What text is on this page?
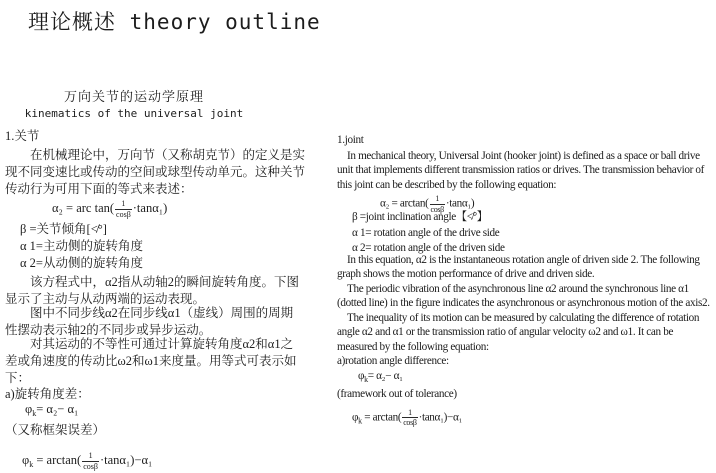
理论概述 theory outline
万向关节的运动学原理
kinematics of the universal joint
1.关节

在机械理论中，万向节（又称胡克节）的定义是实现不同变速比或传动的空间或球型传动单元。这种关节传动行为可用下面的等式来表述：

α₂ = arc $\tan( \frac{1}{\cos\beta} \cdot\tan\alpha_1)$
β =关节倾角[≮°]
α 1=主动侧的旋转角度
α 2=从动侧的旋转角度

该方程式中，α2指从动轴2的瞬间旋转角度。下图显示了主动与从动两端的运动表现。

图中不同步线α2在同步线α1（虚线）周围的周期性摆动表示轴2的不同步或异步运动。

对其运动的不等性可通过计算旋转角度α2和α1之差或角速度的传动比ω2和ω1来度量。用等式可表示如下：

a)旋转角度差：

$\varphi_k= \alpha_2- \alpha_1$

（又称框架误差）

$\varphi_k = \arctan( \frac{1}{\cos\beta} \cdot\tan\alpha_1)-\alpha_1$
1.joint

In mechanical theory, Universal Joint (hooker joint) is defined as a space or ball drive unit that implements different transmission ratios or drives. The transmission behavior of this joint can be described by the following equation:

$\alpha_2 = \arctan( \frac{1}{\cos\beta} \cdot\tan\alpha_1)$
β =joint inclination angle【≮°】
α 1= rotation angle of the drive side
α 2= rotation angle of the driven side

In this equation, α2 is the instantaneous rotation angle of driven side 2. The following graph shows the motion performance of drive and driven side.

The periodic vibration of the asynchronous line α2 around the synchronous line α1 (dotted line) in the figure indicates the asynchronous or asynchronous motion of the axis2.

The inequality of its motion can be measured by calculating the difference of rotation angle α2 and α1 or the transmission ratio of angular velocity ω2 and ω1. It can be measured by the following equation:

a)rotation angle difference:

$\varphi_k= \alpha_2- \alpha_1$

(framework out of tolerance)

$\varphi_k = \arctan( \frac{1}{\cos\beta} \cdot\tan\alpha_1)-\alpha_1$
